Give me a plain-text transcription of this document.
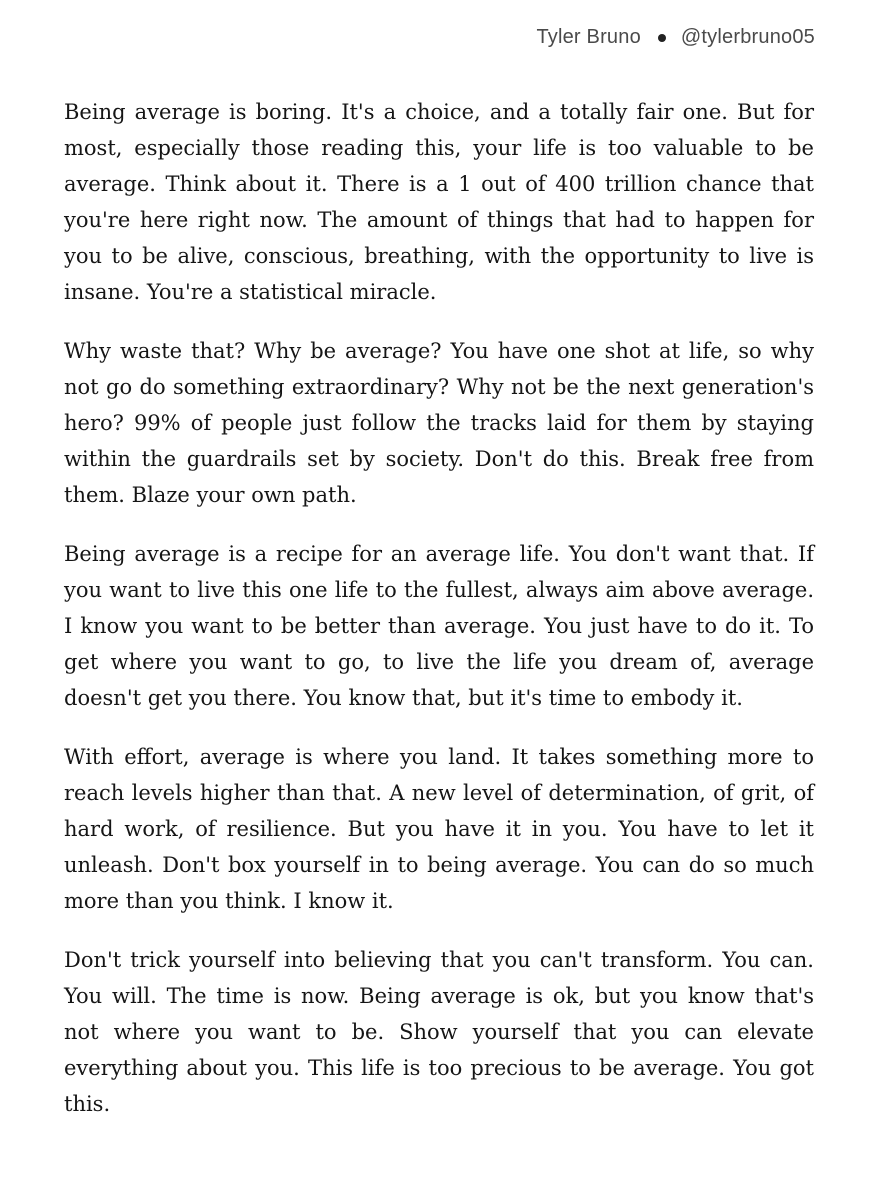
Tyler Bruno @tylerbruno05

Being average is boring. It's a choice, and a totally fair one. But for most, especially those reading this, your life is too valuable to be average. Think about it. There is a 1 out of 400 trillion chance that you're here right now. The amount of things that had to happen for you to be alive, conscious, breathing, with the opportunity to live is insane. You're a statistical miracle.

Why waste that? Why be average? You have one shot at life, so why not go do something extraordinary? Why not be the next generation's hero? 99% of people just follow the tracks laid for them by staying within the guardrails set by society. Don't do this. Break free from them. Blaze your own path.

Being average is a recipe for an average life. You don't want that. If you want to live this one life to the fullest, always aim above average. I know you want to be better than average. You just have to do it. To get where you want to go, to live the life you dream of, average doesn't get you there. You know that, but it's time to embody it.

With effort, average is where you land. It takes something more to reach levels higher than that. A new level of determination, of grit, of hard work, of resilience. But you have it in you. You have to let it unleash. Don't box yourself in to being average. You can do so much more than you think. I know it.

Don't trick yourself into believing that you can't transform. You can. You will. The time is now. Being average is ok, but you know that's not where you want to be. Show yourself that you can elevate everything about you. This life is too precious to be average. You got this.
